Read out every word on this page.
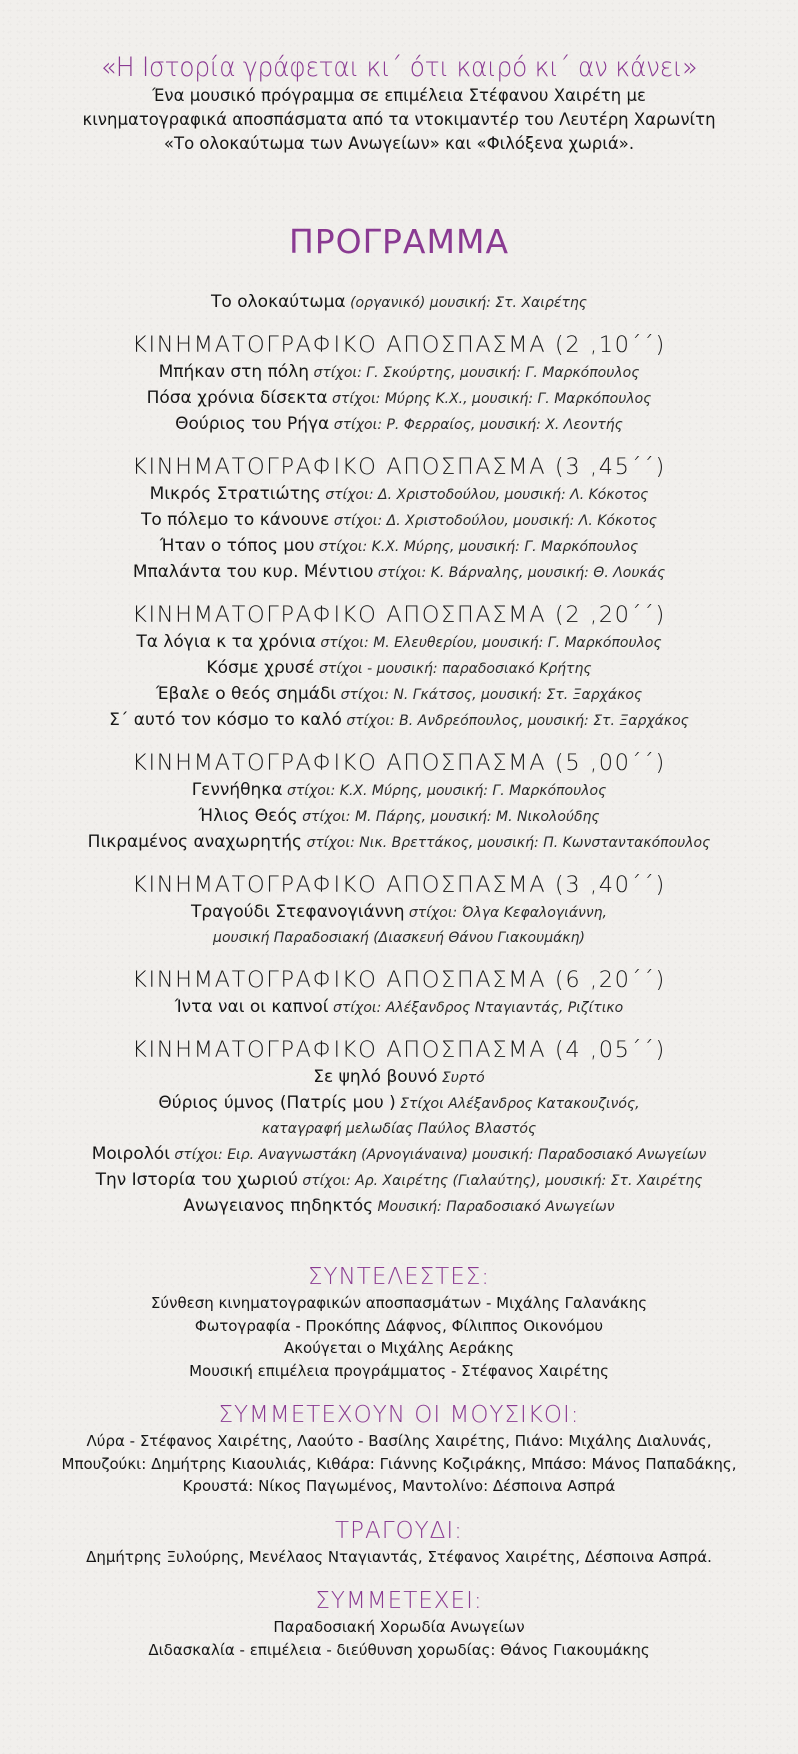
«Η Ιστορία γράφεται κι΄ ότι καιρό κι΄ αν κάνει»
Ένα μουσικό πρόγραμμα σε επιμέλεια Στέφανου Χαιρέτη με
κινηματογραφικά αποσπάσματα από τα ντοκιμαντέρ του Λευτέρη Χαρωνίτη
«Το ολοκαύτωμα των Ανωγείων» και «Φιλόξενα χωριά».
ΠΡΟΓΡΑΜΜΑ
Το ολοκαύτωμα (οργανικό) μουσική: Στ. Χαιρέτης
ΚΙΝΗΜΑΤΟΓΡΑΦΙΚΟ ΑΠΟΣΠΑΣΜΑ (2 ,10΄΄)
Μπήκαν στη πόλη στίχοι: Γ. Σκούρτης, μουσική: Γ. Μαρκόπουλος
Πόσα χρόνια δίσεκτα στίχοι: Μύρης Κ.Χ., μουσική: Γ. Μαρκόπουλος
Θούριος του Ρήγα στίχοι: Ρ. Φερραίος, μουσική: Χ. Λεοντής
ΚΙΝΗΜΑΤΟΓΡΑΦΙΚΟ ΑΠΟΣΠΑΣΜΑ (3 ,45΄΄)
Μικρός Στρατιώτης στίχοι: Δ. Χριστοδούλου, μουσική: Λ. Κόκοτος
Το πόλεμο το κάνουνε στίχοι: Δ. Χριστοδούλου, μουσική: Λ. Κόκοτος
Ήταν ο τόπος μου στίχοι: Κ.Χ. Μύρης, μουσική: Γ. Μαρκόπουλος
Μπαλάντα του κυρ. Μέντιου στίχοι: Κ. Βάρναλης, μουσική: Θ. Λουκάς
ΚΙΝΗΜΑΤΟΓΡΑΦΙΚΟ ΑΠΟΣΠΑΣΜΑ (2 ,20΄΄)
Τα λόγια κ τα χρόνια στίχοι: Μ. Ελευθερίου, μουσική: Γ. Μαρκόπουλος
Κόσμε χρυσέ στίχοι - μουσική: παραδοσιακό Κρήτης
Έβαλε ο θεός σημάδι στίχοι: Ν. Γκάτσος, μουσική: Στ. Ξαρχάκος
Σ΄ αυτό τον κόσμο το καλό στίχοι: Β. Ανδρεόπουλος, μουσική: Στ. Ξαρχάκος
ΚΙΝΗΜΑΤΟΓΡΑΦΙΚΟ ΑΠΟΣΠΑΣΜΑ (5 ,00΄΄)
Γεννήθηκα στίχοι: Κ.Χ. Μύρης, μουσική: Γ. Μαρκόπουλος
Ήλιος Θεός στίχοι: Μ. Πάρης, μουσική: Μ. Νικολούδης
Πικραμένος αναχωρητής στίχοι: Νικ. Βρεττάκος, μουσική: Π. Κωνσταντακόπουλος
ΚΙΝΗΜΑΤΟΓΡΑΦΙΚΟ ΑΠΟΣΠΑΣΜΑ (3 ,40΄΄)
Τραγούδι Στεφανογιάννη στίχοι: Όλγα Κεφαλογιάννη,
μουσική Παραδοσιακή (Διασκευή Θάνου Γιακουμάκη)
ΚΙΝΗΜΑΤΟΓΡΑΦΙΚΟ ΑΠΟΣΠΑΣΜΑ (6 ,20΄΄)
Ίντα ναι οι καπνοί στίχοι: Αλέξανδρος Νταγιαντάς, Ριζίτικο
ΚΙΝΗΜΑΤΟΓΡΑΦΙΚΟ ΑΠΟΣΠΑΣΜΑ (4 ,05΄΄)
Σε ψηλό βουνό Συρτό
Θύριος ύμνος (Πατρίς μου ) Στίχοι Αλέξανδρος Κατακουζινός,
καταγραφή μελωδίας Παύλος Βλαστός
Μοιρολόι στίχοι: Ειρ. Αναγνωστάκη (Αρνογιάναινα) μουσική: Παραδοσιακό Ανωγείων
Την Ιστορία του χωριού στίχοι: Αρ. Χαιρέτης (Γιαλαύτης), μουσική: Στ. Χαιρέτης
Ανωγειανος πηδηκτός Μουσική: Παραδοσιακό Ανωγείων
ΣΥΝΤΕΛΕΣΤΕΣ:
Σύνθεση κινηματογραφικών αποσπασμάτων - Μιχάλης Γαλανάκης
Φωτογραφία - Προκόπης Δάφνος, Φίλιππος Οικονόμου
Ακούγεται ο Μιχάλης Αεράκης
Μουσική επιμέλεια προγράμματος - Στέφανος Χαιρέτης
ΣΥΜΜΕΤΕΧΟΥΝ ΟΙ ΜΟΥΣΙΚΟΙ:
Λύρα - Στέφανος Χαιρέτης, Λαούτο - Βασίλης Χαιρέτης, Πιάνο: Μιχάλης Διαλυνάς,
Μπουζούκι: Δημήτρης Κιαουλιάς, Κιθάρα: Γιάννης Κοζιράκης, Μπάσο: Μάνος Παπαδάκης,
Κρουστά: Νίκος Παγωμένος, Μαντολίνο: Δέσποινα Ασπρά
ΤΡΑΓΟΥΔΙ:
Δημήτρης Ξυλούρης, Μενέλαος Νταγιαντάς, Στέφανος Χαιρέτης, Δέσποινα Ασπρά.
ΣΥΜΜΕΤΕΧΕΙ:
Παραδοσιακή Χορωδία Ανωγείων
Διδασκαλία - επιμέλεια - διεύθυνση χορωδίας: Θάνος Γιακουμάκης
